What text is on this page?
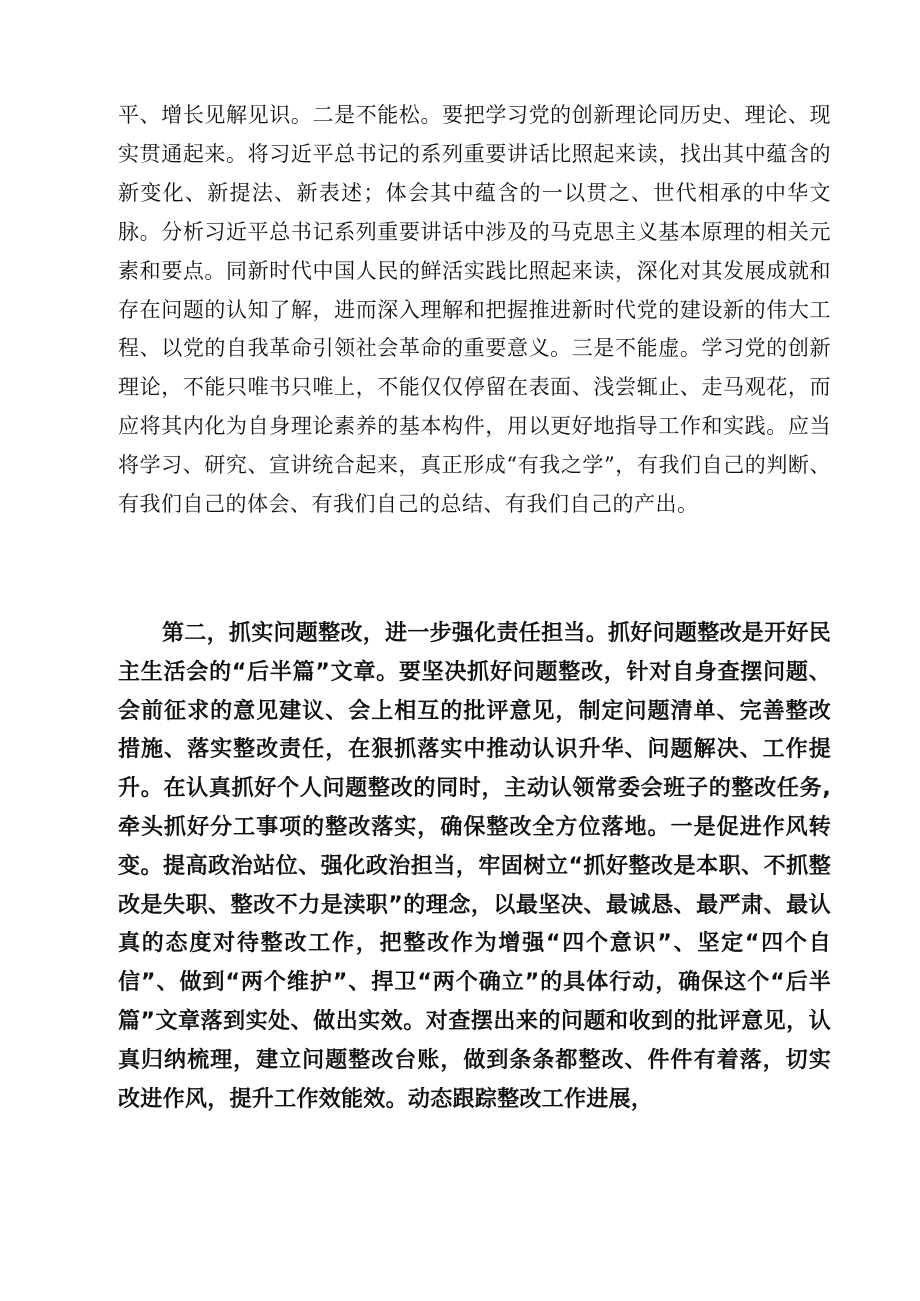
平、增长见解见识。二是不能松。要把学习党的创新理论同历史、理论、现实贯通起来。将习近平总书记的系列重要讲话比照起来读，找出其中蕴含的新变化、新提法、新表述；体会其中蕴含的一以贯之、世代相承的中华文脉。分析习近平总书记系列重要讲话中涉及的马克思主义基本原理的相关元素和要点。同新时代中国人民的鲜活实践比照起来读，深化对其发展成就和存在问题的认知了解，进而深入理解和把握推进新时代党的建设新的伟大工程、以党的自我革命引领社会革命的重要意义。三是不能虚。学习党的创新理论，不能只唯书只唯上，不能仅仅停留在表面、浅尝辄止、走马观花，而应将其内化为自身理论素养的基本构件，用以更好地指导工作和实践。应当将学习、研究、宣讲统合起来，真正形成“有我之学”，有我们自己的判断、有我们自己的体会、有我们自己的总结、有我们自己的产出。

第二，抓实问题整改，进一步强化责任担当。抓好问题整改是开好民主生活会的“后半篇”文章。要坚决抓好问题整改，针对自身查摆问题、会前征求的意见建议、会上相互的批评意见，制定问题清单、完善整改措施、落实整改责任，在狠抓落实中推动认识升华、问题解决、工作提升。在认真抓好个人问题整改的同时，主动认领常委会班子的整改任务,牵头抓好分工事项的整改落实，确保整改全方位落地。一是促进作风转变。提高政治站位、强化政治担当，牢固树立“抓好整改是本职、不抓整改是失职、整改不力是渎职”的理念，以最坚决、最诚恳、最严肃、最认真的态度对待整改工作，把整改作为增强“四个意识”、坚定“四个自信”、做到“两个维护”、捍卫“两个确立”的具体行动，确保这个“后半篇”文章落到实处、做出实效。对查摆出来的问题和收到的批评意见，认真归纳梳理，建立问题整改台账，做到条条都整改、件件有着落，切实改进作风，提升工作效能效。动态跟踪整改工作进展，
